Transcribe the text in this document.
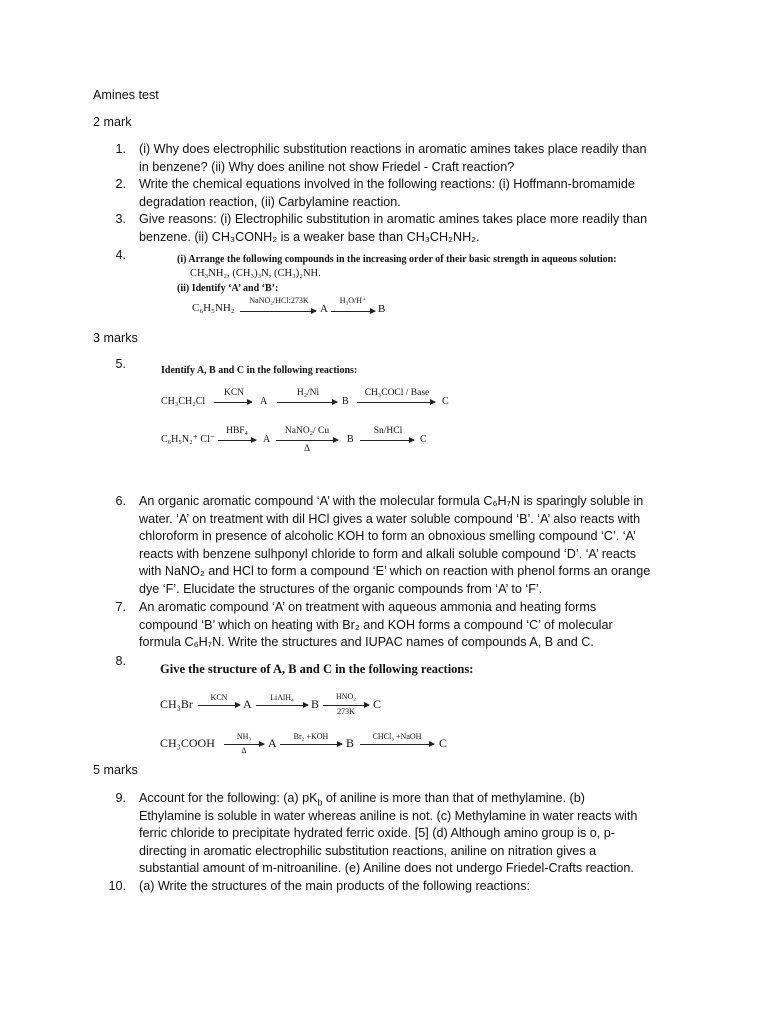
Amines test
2 mark
1. (i) Why does electrophilic substitution reactions in aromatic amines takes place readily than
in benzene? (ii) Why does aniline not show Friedel - Craft reaction?
2. Write the chemical equations involved in the following reactions: (i) Hoffmann-bromamide
degradation reaction, (ii) Carbylamine reaction.
3. Give reasons: (i) Electrophilic substitution in aromatic amines takes place more readily than
benzene. (ii) CH₃CONH₂ is a weaker base than CH₃CH₂NH₂.
4.	(i) Arrange the following compounds in the increasing order of their basic strength in aqueous solution:
CH₃NH₂, (CH₃)₃N, (CH₃)₂NH.
(ii) Identify ‘A’ and ‘B’:
C₆H₅NH₂
NaNO₂/HCl:273K
A
H₃O/H⁺
→ B
3 marks
5.	Identify A, B and C in the following reactions:
CH₃CH₂Cl
KCN
→ A
H₂/Ni
→ B
CH₃COCl / Base
C
C₆H₅N₂⁺ Cl⁻
HBF₄
→ A
NaNO₂/ Cu
Δ
B
Sn/HCl
→ C
6. An organic aromatic compound ‘A’ with the molecular formula C₆H₇N is sparingly soluble in
water. ‘A’ on treatment with dil HCl gives a water soluble compound ‘B’. ‘A’ also reacts with
chloroform in presence of alcoholic KOH to form an obnoxious smelling compound ‘C’. ‘A’
reacts with benzene sulhponyl chloride to form and alkali soluble compound ‘D’. ‘A’ reacts
with NaNO₂ and HCl to form a compound ‘E’ which on reaction with phenol forms an orange
dye ‘F’. Elucidate the structures of the organic compounds from ‘A’ to ‘F’.
7. An aromatic compound ‘A’ on treatment with aqueous ammonia and heating forms
compound ‘B’ which on heating with Br₂ and KOH forms a compound ‘C’ of molecular
formula C₆H₇N. Write the structures and IUPAC names of compounds A, B and C.
8.
Give the structure of A, B and C in the following reactions:
CH₃Br	KCN → A	LiAlH₄ → B
HNO₂
273K
C
CH₃COOH	NH₃
Δ
A	Br₂ +KOH → B	CHCl₃ +NaOH	C
5 marks
9. Account for the following: (a) $pK_b$ of aniline is more than that of methylamine. (b)
Ethylamine is soluble in water whereas aniline is not. (c) Methylamine in water reacts with
ferric chloride to precipitate hydrated ferric oxide. [5] (d) Although amino group is o, p-
directing in aromatic electrophilic substitution reactions, aniline on nitration gives a
substantial amount of m-nitroaniline. (e) Aniline does not undergo Friedel-Crafts reaction.
10. (a) Write the structures of the main products of the following reactions:
